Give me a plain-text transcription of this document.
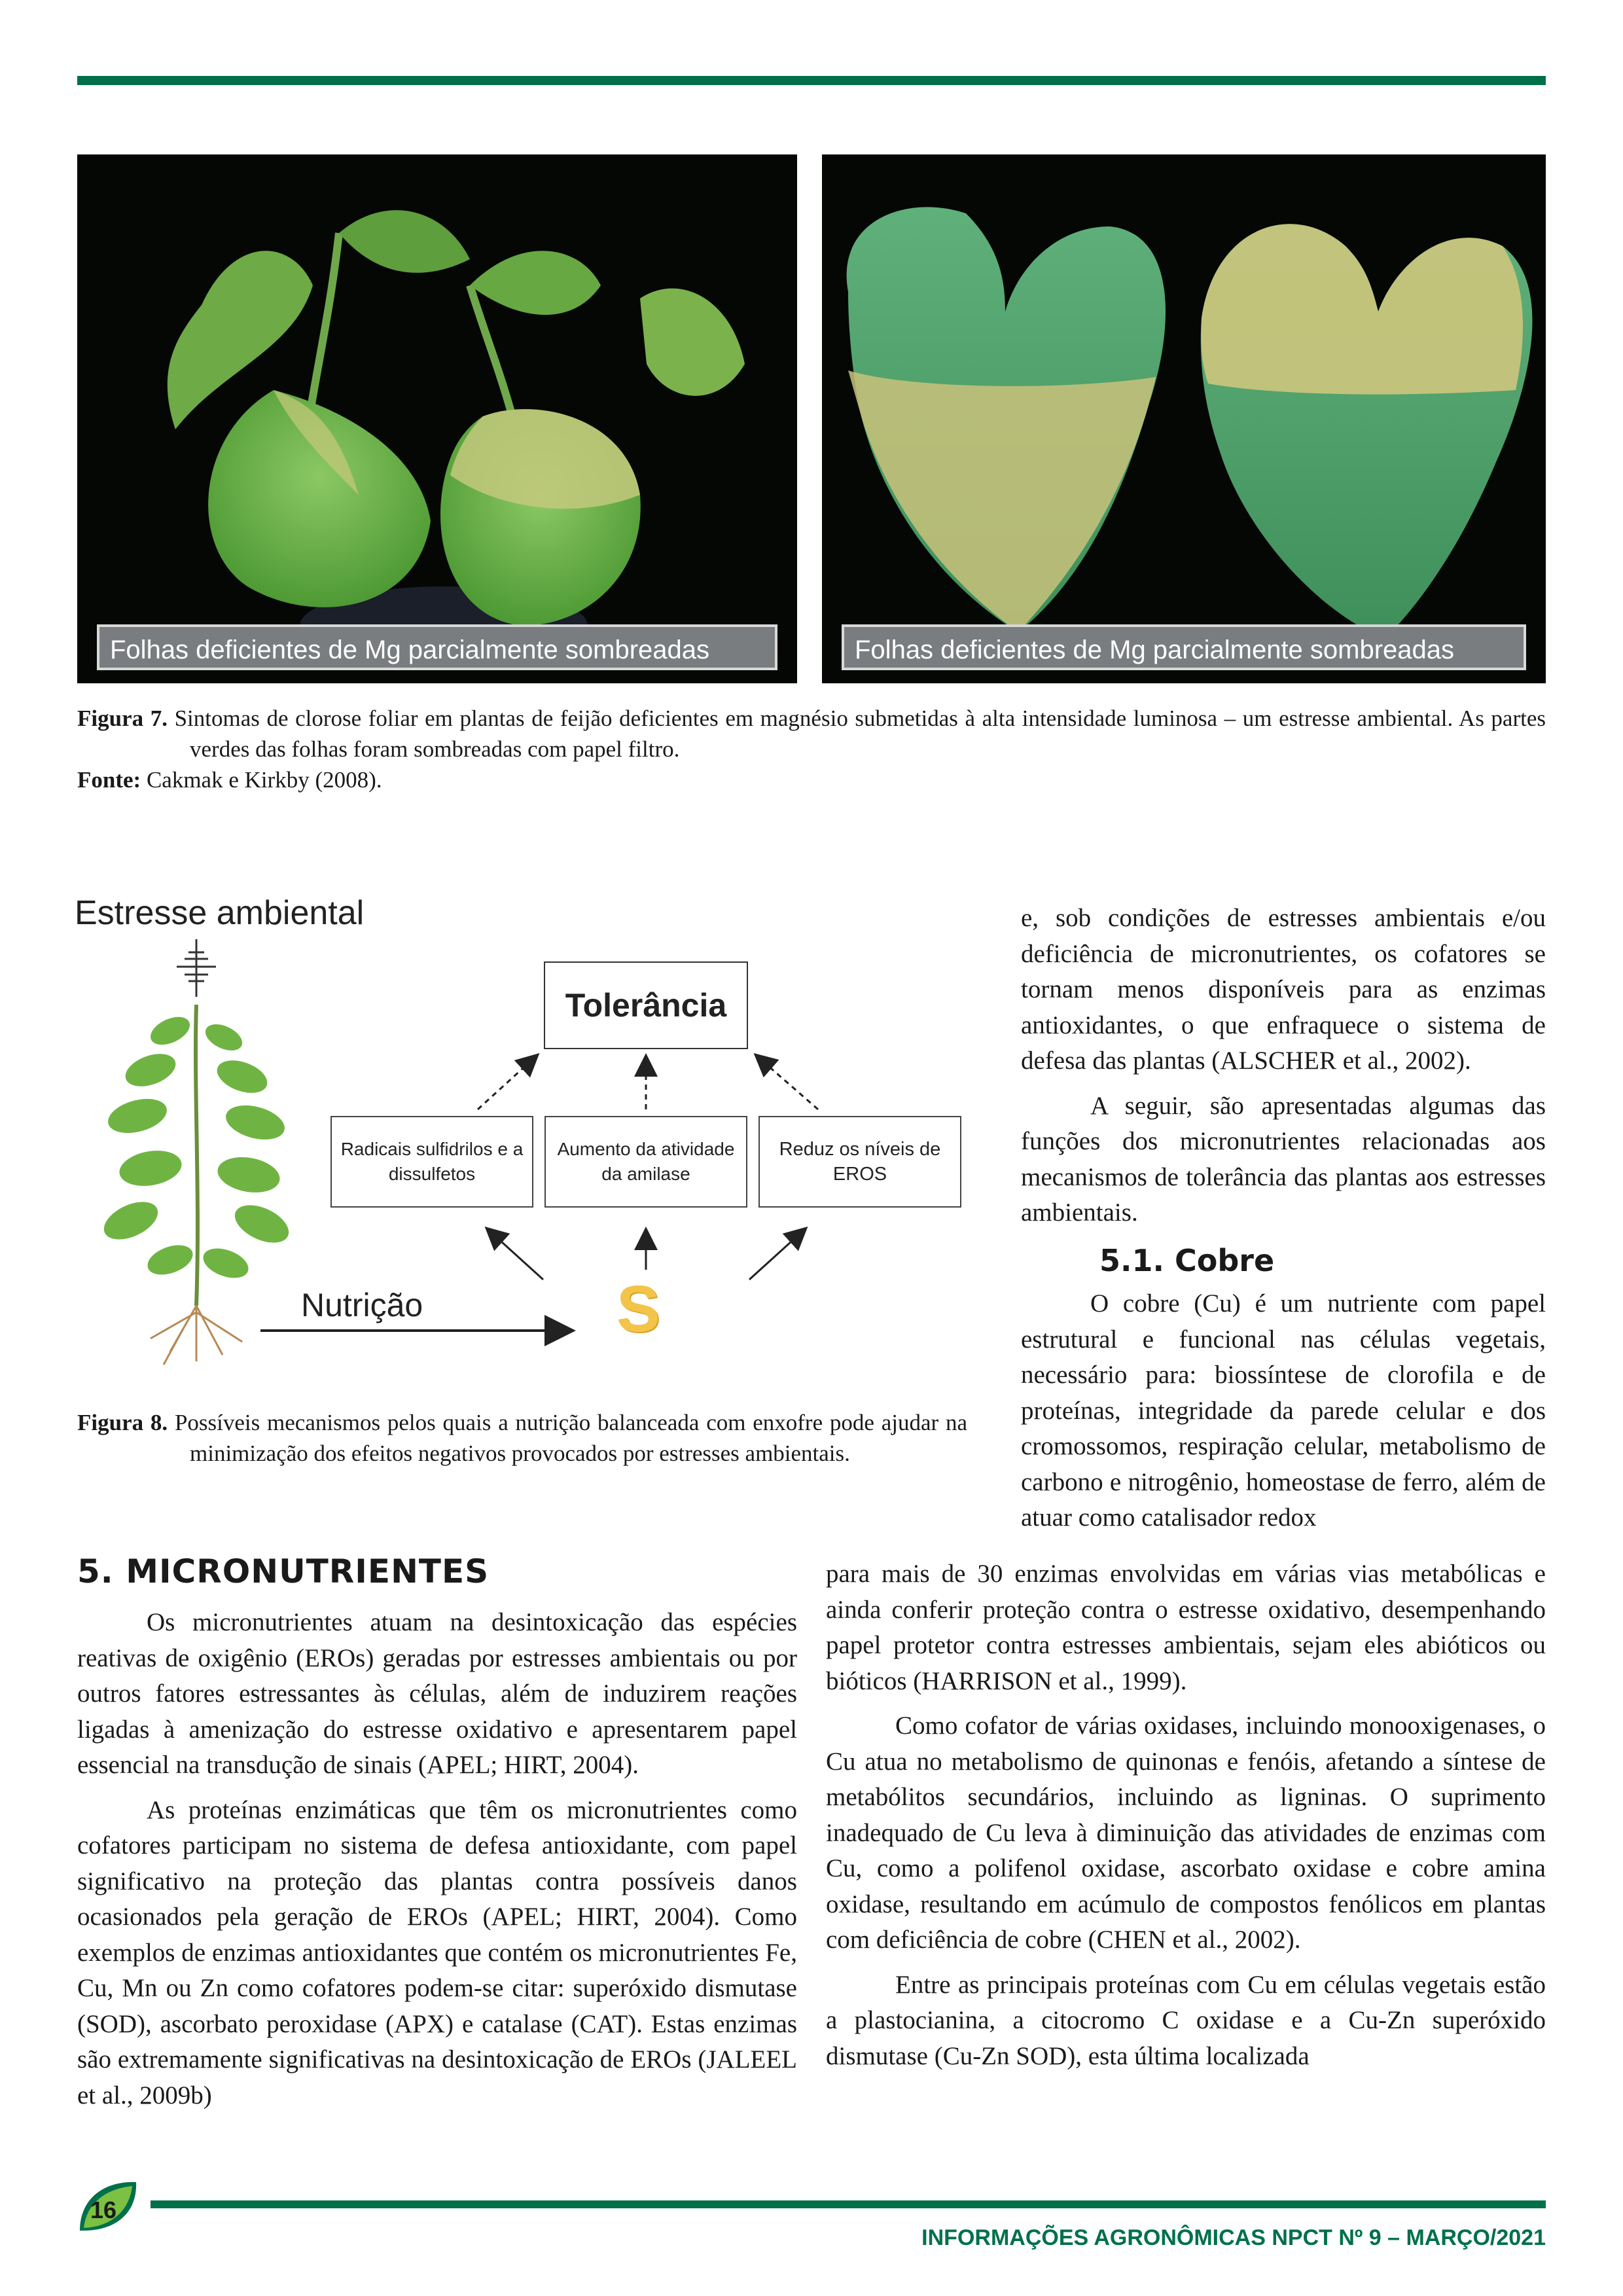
Folhas deficientes de Mg parcialmente sombreadas	Folhas deficientes de Mg parcialmente sombreadas
Figura 7. Sintomas de clorose foliar em plantas de feijão deficientes em magnésio submetidas à alta intensidade luminosa – um estresse ambiental. As partes verdes das folhas foram sombreadas com papel filtro.
Fonte: Cakmak e Kirkby (2008).
Estresse ambiental
Tolerância
Radicais sulfidrilos e a dissulfetos
Aumento da atividade da amilase
Reduz os níveis de EROS
Nutrição	S
Figura 8. Possíveis mecanismos pelos quais a nutrição balanceada com enxofre pode ajudar na minimização dos efeitos negativos provocados por estresses ambientais.
5. MICRONUTRIENTES

Os micronutrientes atuam na desintoxicação das espécies reativas de oxigênio (EROs) geradas por estresses ambientais ou por outros fatores estressantes às células, além de induzirem reações ligadas à amenização do estresse oxidativo e apresentarem papel essencial na transdução de sinais (APEL; HIRT, 2004).

As proteínas enzimáticas que têm os micronutrientes como cofatores participam no sistema de defesa antioxidante, com papel significativo na proteção das plantas contra possíveis danos ocasionados pela geração de EROs (APEL; HIRT, 2004). Como exemplos de enzimas antioxidantes que contém os micronutrientes Fe, Cu, Mn ou Zn como cofatores podem-se citar: superóxido dismutase (SOD), ascorbato peroxidase (APX) e catalase (CAT). Estas enzimas são extremamente significativas na desintoxicação de EROs (JALEEL et al., 2009b)

e, sob condições de estresses ambientais e/ou deficiência de micronutrientes, os cofatores se tornam menos disponíveis para as enzimas antioxidantes, o que enfraquece o sistema de defesa das plantas (ALSCHER et al., 2002).

A seguir, são apresentadas algumas das funções dos micronutrientes relacionadas aos mecanismos de tolerância das plantas aos estresses ambientais.

5.1. Cobre

O cobre (Cu) é um nutriente com papel estrutural e funcional nas células vegetais, necessário para: biossíntese de clorofila e de proteínas, integridade da parede celular e dos cromossomos, respiração celular, metabolismo de carbono e nitrogênio, homeostase de ferro, além de atuar como catalisador redox

para mais de 30 enzimas envolvidas em várias vias metabólicas e ainda conferir proteção contra o estresse oxidativo, desempenhando papel protetor contra estresses ambientais, sejam eles abióticos ou bióticos (HARRISON et al., 1999).

Como cofator de várias oxidases, incluindo monooxigenases, o Cu atua no metabolismo de quinonas e fenóis, afetando a síntese de metabólitos secundários, incluindo as ligninas. O suprimento inadequado de Cu leva à diminuição das atividades de enzimas com Cu, como a polifenol oxidase, ascorbato oxidase e cobre amina oxidase, resultando em acúmulo de compostos fenólicos em plantas com deficiência de cobre (CHEN et al., 2002).

Entre as principais proteínas com Cu em células vegetais estão a plastocianina, a citocromo C oxidase e a Cu-Zn superóxido dismutase (Cu-Zn SOD), esta última localizada

16
INFORMAÇÕES AGRONÔMICAS NPCT Nº 9 – MARÇO/2021
